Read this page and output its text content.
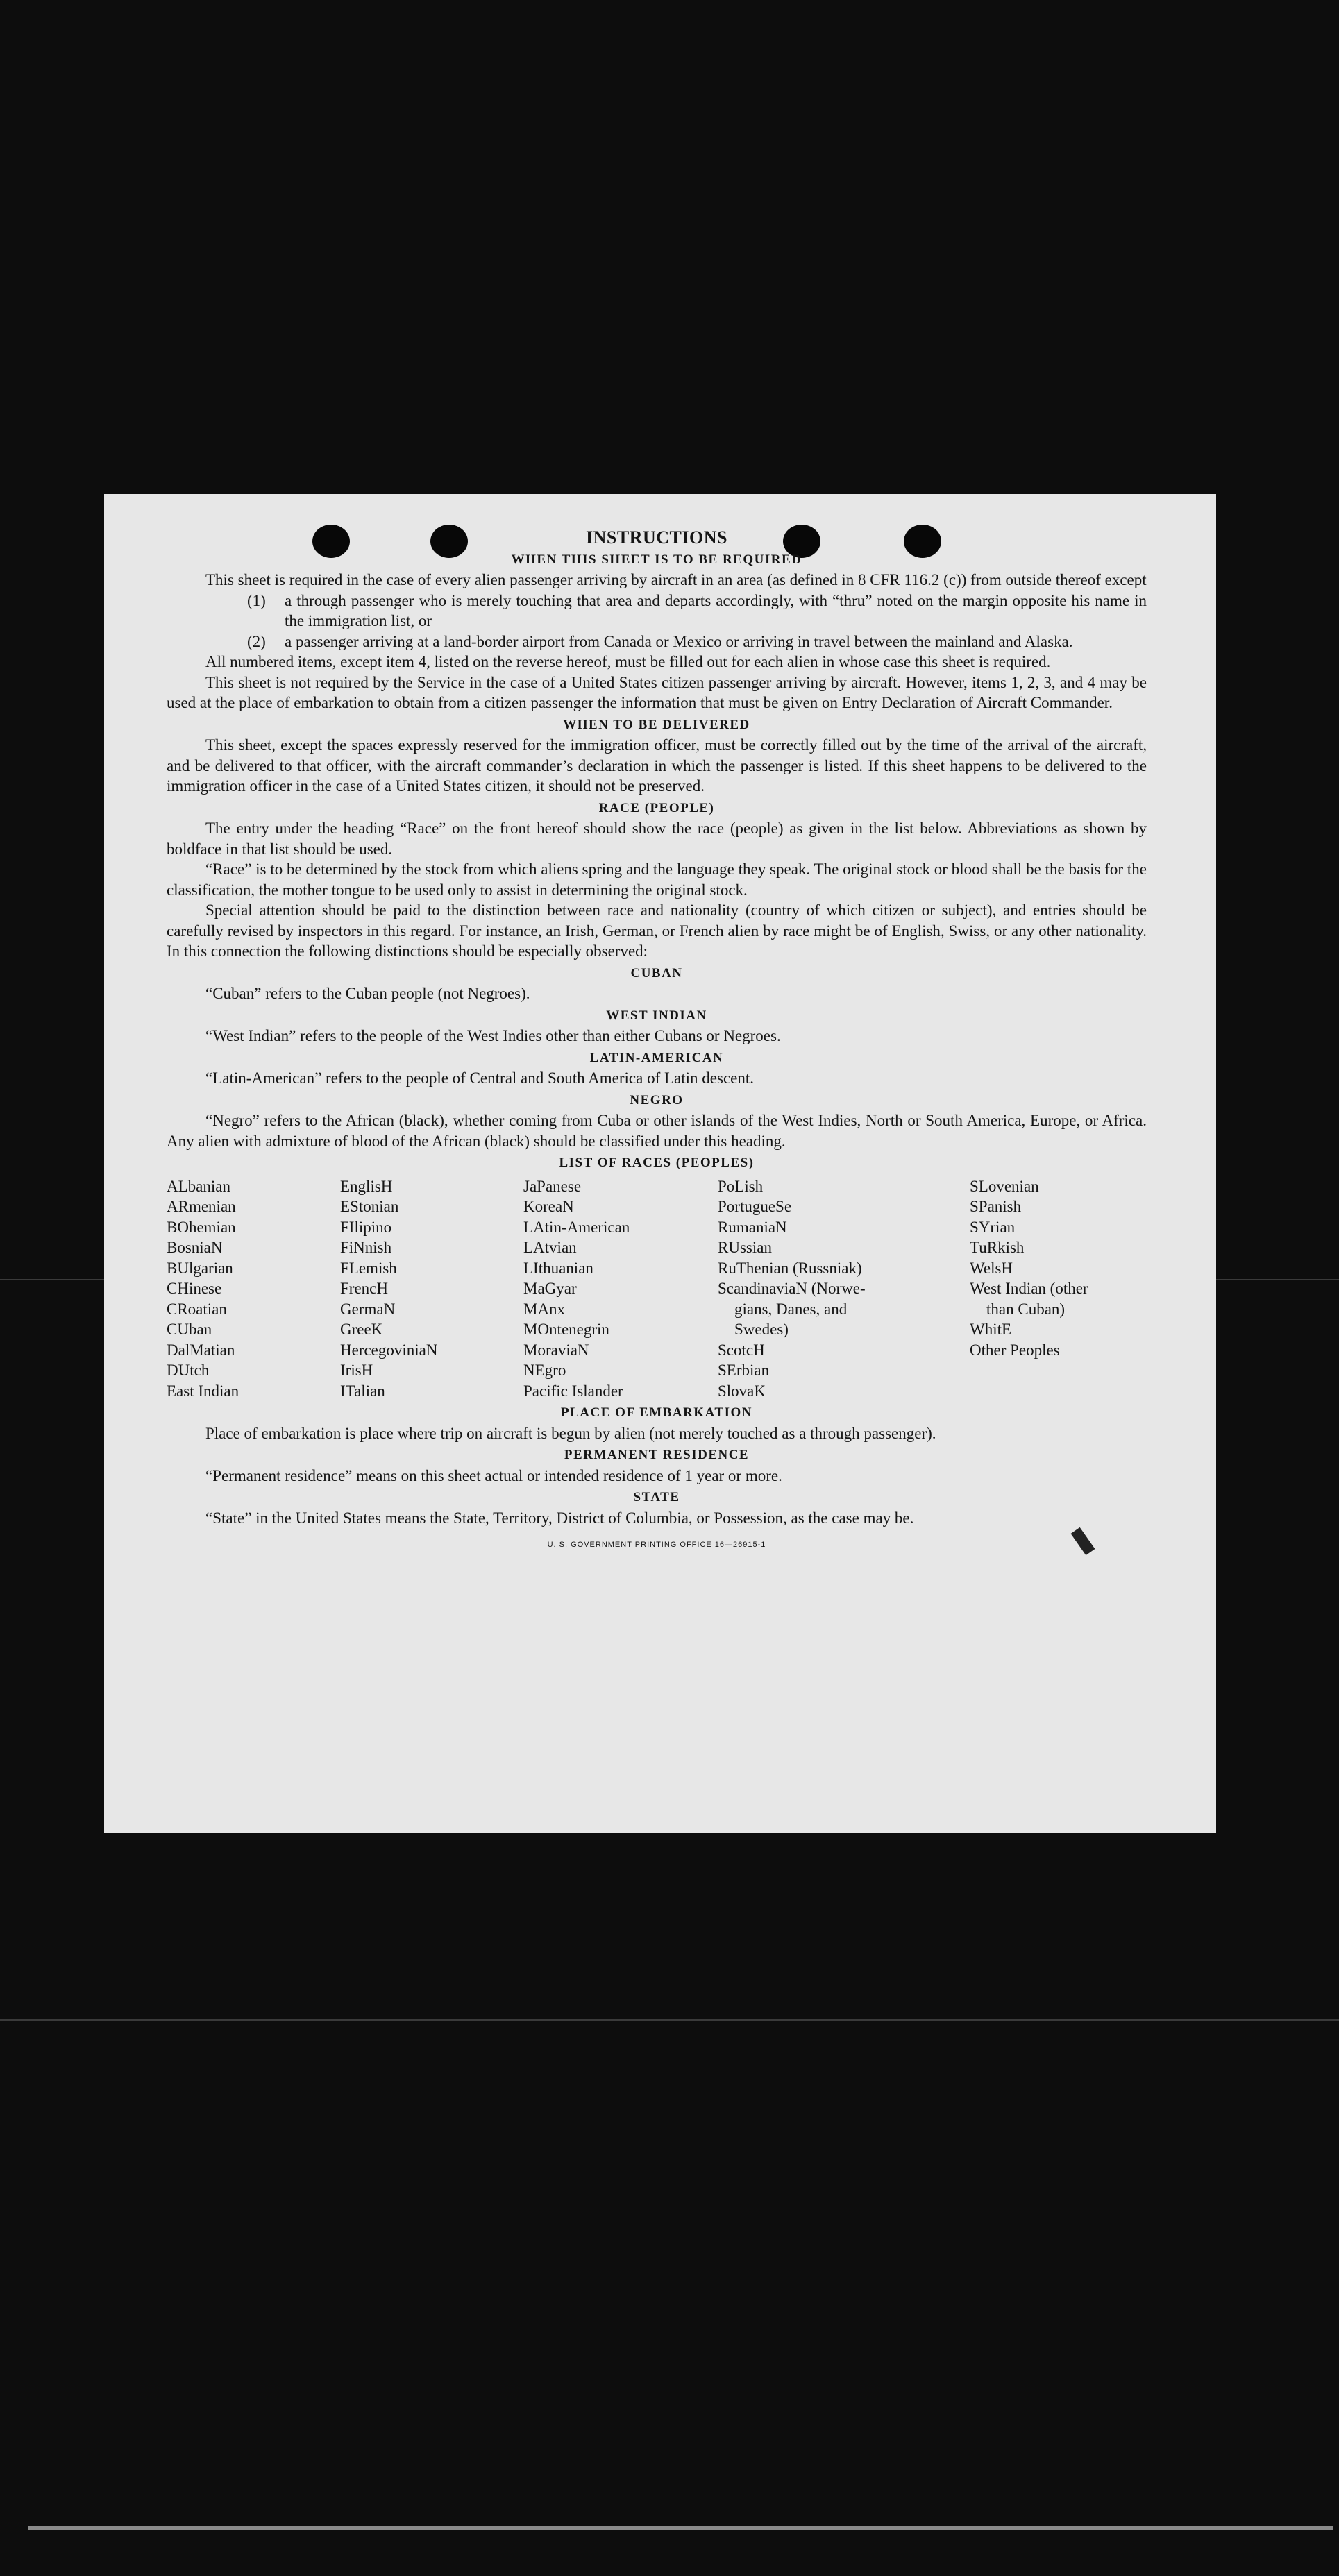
INSTRUCTIONS
WHEN THIS SHEET IS TO BE REQUIRED

This sheet is required in the case of every alien passenger arriving by aircraft in an area (as defined in 8 CFR 116.2 (c)) from outside thereof except

(1)	a through passenger who is merely touching that area and departs accordingly, with “thru” noted on the margin opposite his name in the immigration list, or

(2)	a passenger arriving at a land-border airport from Canada or Mexico or arriving in travel between the mainland and Alaska.

All numbered items, except item 4, listed on the reverse hereof, must be filled out for each alien in whose case this sheet is required.

This sheet is not required by the Service in the case of a United States citizen passenger arriving by aircraft. However, items 1, 2, 3, and 4 may be used at the place of embarkation to obtain from a citizen passenger the information that must be given on Entry Declaration of Aircraft Commander.

WHEN TO BE DELIVERED

This sheet, except the spaces expressly reserved for the immigration officer, must be correctly filled out by the time of the arrival of the aircraft, and be delivered to that officer, with the aircraft commander’s declaration in which the passenger is listed. If this sheet happens to be delivered to the immigration officer in the case of a United States citizen, it should not be preserved.

RACE (PEOPLE)

The entry under the heading “Race” on the front hereof should show the race (people) as given in the list below. Abbreviations as shown by boldface in that list should be used.

“Race” is to be determined by the stock from which aliens spring and the language they speak. The original stock or blood shall be the basis for the classification, the mother tongue to be used only to assist in determining the original stock.

Special attention should be paid to the distinction between race and nationality (country of which citizen or subject), and entries should be carefully revised by inspectors in this regard. For instance, an Irish, German, or French alien by race might be of English, Swiss, or any other nationality. In this connection the following distinctions should be especially observed:

CUBAN

“Cuban” refers to the Cuban people (not Negroes).

WEST INDIAN

“West Indian” refers to the people of the West Indies other than either Cubans or Negroes.

LATIN-AMERICAN

“Latin-American” refers to the people of Central and South America of Latin descent.

NEGRO

“Negro” refers to the African (black), whether coming from Cuba or other islands of the West Indies, North or South America, Europe, or Africa. Any alien with admixture of blood of the African (black) should be classified under this heading.

LIST OF RACES (PEOPLES)
ALbanian
ARmenian
BOhemian
BosniaN
BUlgarian
CHinese
CRoatian
CUban
DalMatian
DUtch
East Indian
EnglisH
EStonian
FIlipino
FiNnish
FLemish
FrencH
GermaN
GreeK
HercegoviniaN
IrisH
ITalian
JaPanese
KoreaN
LAtin-American
LAtvian
LIthuanian
MaGyar
MAnx
MOntenegrin
MoraviaN
NEgro
Pacific Islander
PoLish
PortugueSe
RumaniaN
RUssian
RuThenian (Russniak)
ScandinaviaN (Norwe-
gians, Danes, and
Swedes)
ScotcH
SErbian
SlovaK
SLovenian
SPanish
SYrian
TuRkish
WelsH
West Indian (other
than Cuban)
WhitE
Other Peoples
PLACE OF EMBARKATION

Place of embarkation is place where trip on aircraft is begun by alien (not merely touched as a through passenger).

PERMANENT RESIDENCE

“Permanent residence” means on this sheet actual or intended residence of 1 year or more.

STATE

“State” in the United States means the State, Territory, District of Columbia, or Possession, as the case may be.

U. S. GOVERNMENT PRINTING OFFICE 16—26915-1
